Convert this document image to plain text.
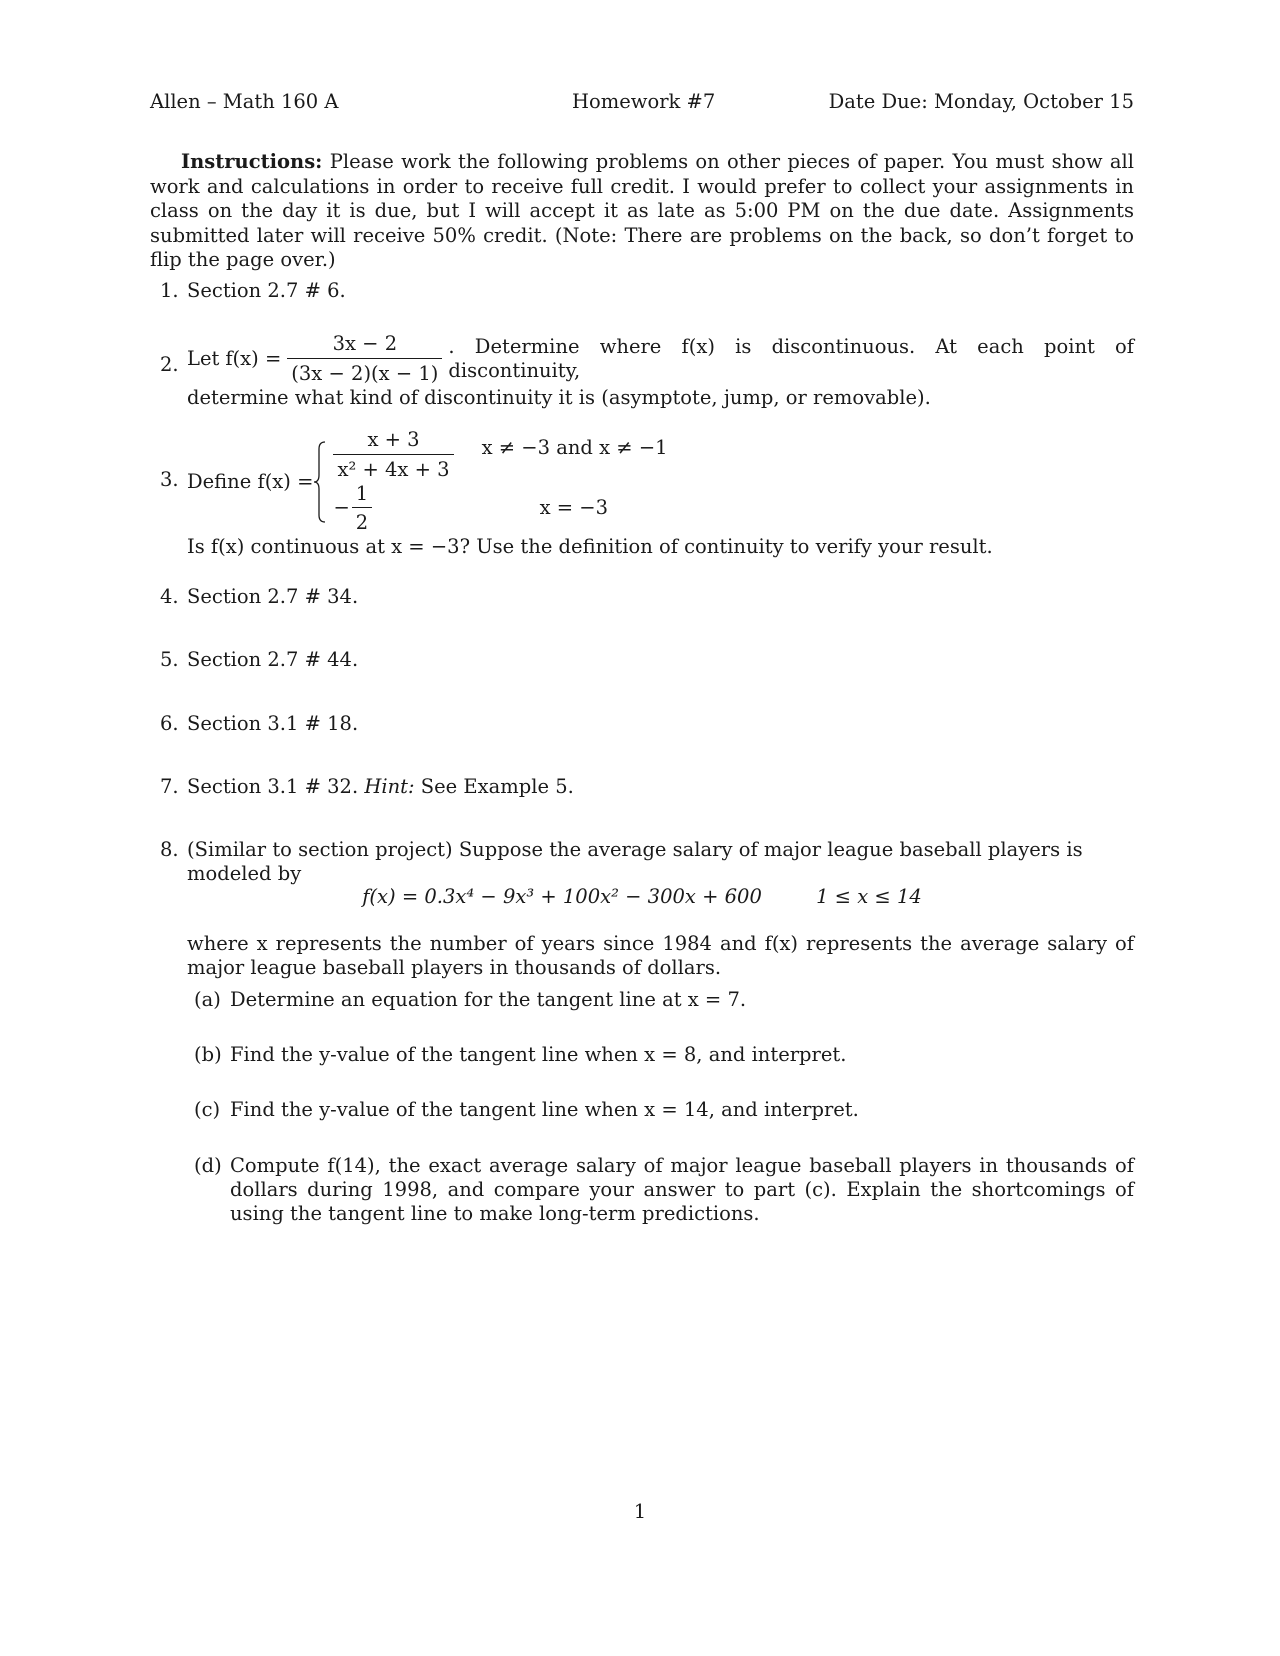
Allen – Math 160 A	Homework #7	Date Due: Monday, October 15
Instructions: Please work the following problems on other pieces of paper. You must show all work and calculations in order to receive full credit. I would prefer to collect your assignments in class on the day it is due, but I will accept it as late as 5:00 PM on the due date. Assignments submitted later will receive 50% credit. (Note: There are problems on the back, so don’t forget to flip the page over.)
1. Section 2.7 # 6.
2. Let $f(x) = \frac{3x - 2}{(3x - 2)(x - 1)}$ . Determine where f(x) is discontinuous. At each point of discontinuity,
determine what kind of discontinuity it is (asymptote, jump, or removable).
3. Define $f(x) = \frac{x + 3}{\text{x² + 4x + 3}}$ x ≠ −3 and x ≠ −1
− $\frac{1}{2}$	x = −3
Is f(x) continuous at x = −3? Use the definition of continuity to verify your result.
4. Section 2.7 # 34.
5. Section 2.7 # 44.
6. Section 3.1 # 18.
7. Section 3.1 # 32. Hint: See Example 5.
8. (Similar to section project) Suppose the average salary of major league baseball players is modeled by
f(x) = 0.3x⁴ − 9x³ + 100x² − 300x + 600	1 ≤ x ≤ 14
where x represents the number of years since 1984 and f(x) represents the average salary of major league baseball players in thousands of dollars.
(a) Determine an equation for the tangent line at x = 7.
(b) Find the y-value of the tangent line when x = 8, and interpret.
(c) Find the y-value of the tangent line when x = 14, and interpret.
(d) Compute f(14), the exact average salary of major league baseball players in thousands of dollars during 1998, and compare your answer to part (c). Explain the shortcomings of using the tangent line to make long-term predictions.
1
